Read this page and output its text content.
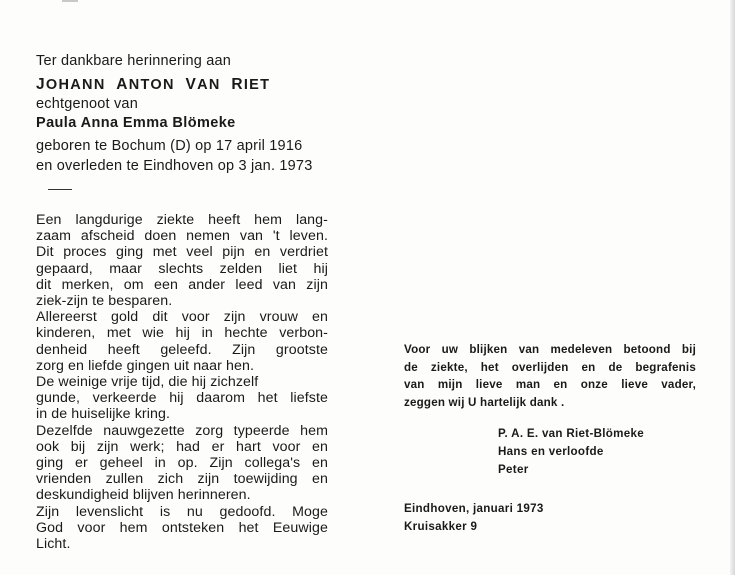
Ter dankbare herinnering aan

JOHANN ANTON VAN RIET

echtgenoot van

Paula Anna Emma Blömeke

geboren te Bochum (D) op 17 april 1916

en overleden te Eindhoven op 3 jan. 1973

Een langdurige ziekte heeft hem lang-
zaam afscheid doen nemen van 't leven.
Dit proces ging met veel pijn en verdriet
gepaard, maar slechts zelden liet hij
dit merken, om een ander leed van zijn
ziek-zijn te besparen.
Allereerst gold dit voor zijn vrouw en
kinderen, met wie hij in hechte verbon-
denheid heeft geleefd. Zijn grootste
zorg en liefde gingen uit naar hen.
De weinige vrije tijd, die hij zichzelf
gunde, verkeerde hij daarom het liefste
in de huiselijke kring.
Dezelfde nauwgezette zorg typeerde hem
ook bij zijn werk; had er hart voor en
ging er geheel in op. Zijn collega's en
vrienden zullen zich zijn toewijding en
deskundigheid blijven herinneren.
Zijn levenslicht is nu gedoofd. Moge
God voor hem ontsteken het Eeuwige
Licht.
Voor uw blijken van medeleven betoond bij
de ziekte, het overlijden en de begrafenis
van mijn lieve man en onze lieve vader,
zeggen wij U hartelijk dank .

P. A. E. van Riet-Blömeke

Hans en verloofde

Peter

Eindhoven, januari 1973

Kruisakker 9
